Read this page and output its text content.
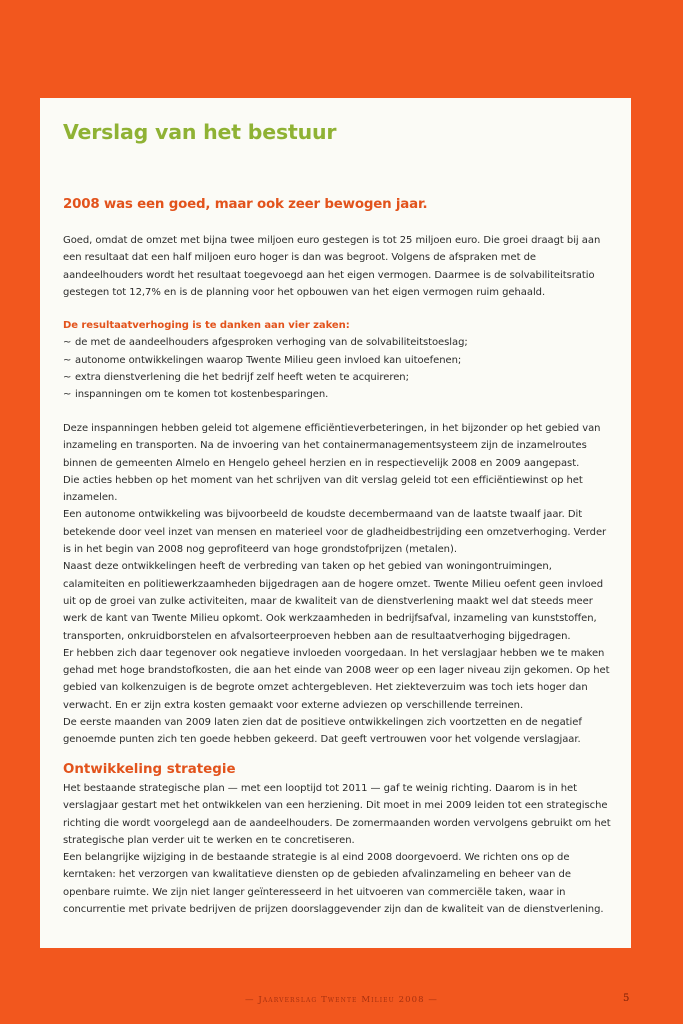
Verslag van het bestuur
2008 was een goed, maar ook zeer bewogen jaar.

Goed, omdat de omzet met bijna twee miljoen euro gestegen is tot 25 miljoen euro. Die groei draagt bij aan een resultaat dat een half miljoen euro hoger is dan was begroot. Volgens de afspraken met de aandeelhouders wordt het resultaat toegevoegd aan het eigen vermogen. Daarmee is de solvabiliteitsratio gestegen tot 12,7% en is de planning voor het opbouwen van het eigen vermogen ruim gehaald.

De resultaatverhoging is te danken aan vier zaken:

~ de met de aandeelhouders afgesproken verhoging van de solvabiliteitstoeslag;
~ autonome ontwikkelingen waarop Twente Milieu geen invloed kan uitoefenen;
~ extra dienstverlening die het bedrijf zelf heeft weten te acquireren;
~ inspanningen om te komen tot kostenbesparingen.

Deze inspanningen hebben geleid tot algemene efficiëntieverbeteringen, in het bijzonder op het gebied van inzameling en transporten. Na de invoering van het containermanagementsysteem zijn de inzamelroutes binnen de gemeenten Almelo en Hengelo geheel herzien en in respectievelijk 2008 en 2009 aangepast.

Die acties hebben op het moment van het schrijven van dit verslag geleid tot een efficiëntiewinst op het inzamelen.

Een autonome ontwikkeling was bijvoorbeeld de koudste decembermaand van de laatste twaalf jaar. Dit betekende door veel inzet van mensen en materieel voor de gladheidbestrijding een omzetverhoging. Verder is in het begin van 2008 nog geprofiteerd van hoge grondstofprijzen (metalen).

Naast deze ontwikkelingen heeft de verbreding van taken op het gebied van woningontruimingen, calamiteiten en politiewerkzaamheden bijgedragen aan de hogere omzet. Twente Milieu oefent geen invloed uit op de groei van zulke activiteiten, maar de kwaliteit van de dienstverlening maakt wel dat steeds meer werk de kant van Twente Milieu opkomt. Ook werkzaamheden in bedrijfsafval, inzameling van kunststoffen, transporten, onkruidborstelen en afvalsorteerproeven hebben aan de resultaatverhoging bijgedragen.

Er hebben zich daar tegenover ook negatieve invloeden voorgedaan. In het verslagjaar hebben we te maken gehad met hoge brandstofkosten, die aan het einde van 2008 weer op een lager niveau zijn gekomen. Op het gebied van kolkenzuigen is de begrote omzet achtergebleven. Het ziekteverzuim was toch iets hoger dan verwacht. En er zijn extra kosten gemaakt voor externe adviezen op verschillende terreinen.

De eerste maanden van 2009 laten zien dat de positieve ontwikkelingen zich voortzetten en de negatief genoemde punten zich ten goede hebben gekeerd. Dat geeft vertrouwen voor het volgende verslagjaar.

Ontwikkeling strategie

Het bestaande strategische plan — met een looptijd tot 2011 — gaf te weinig richting. Daarom is in het verslagjaar gestart met het ontwikkelen van een herziening. Dit moet in mei 2009 leiden tot een strategische richting die wordt voorgelegd aan de aandeelhouders. De zomermaanden worden vervolgens gebruikt om het strategische plan verder uit te werken en te concretiseren.

Een belangrijke wijziging in de bestaande strategie is al eind 2008 doorgevoerd. We richten ons op de kerntaken: het verzorgen van kwalitatieve diensten op de gebieden afvalinzameling en beheer van de openbare ruimte. We zijn niet langer geïnteresseerd in het uitvoeren van commerciële taken, waar in concurrentie met private bedrijven de prijzen doorslaggevender zijn dan de kwaliteit van de dienstverlening.

— Jaarverslag Twente Milieu 2008 —	5
